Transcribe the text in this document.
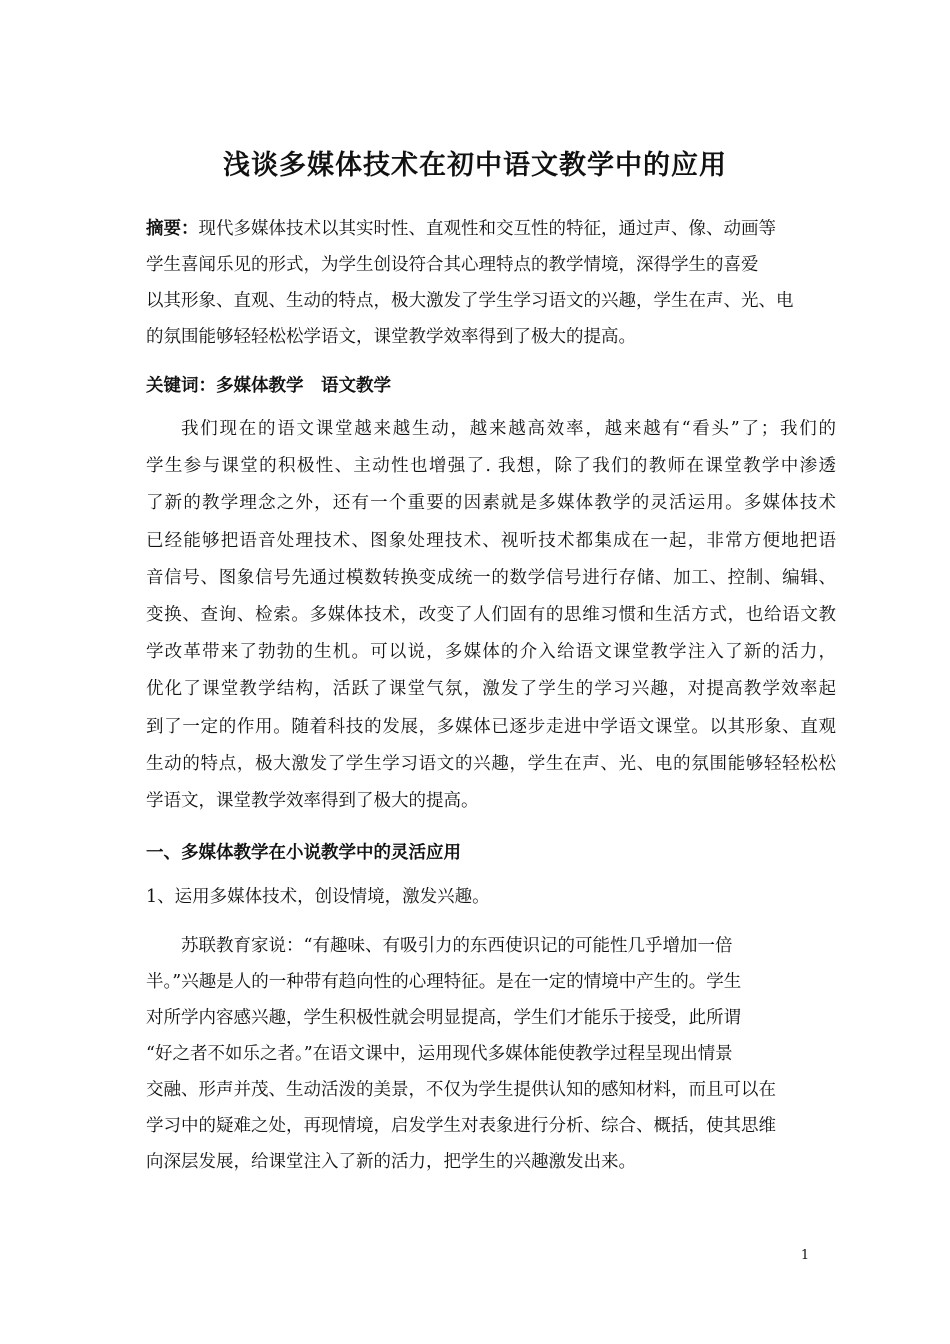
浅谈多媒体技术在初中语文教学中的应用

摘要：现代多媒体技术以其实时性、直观性和交互性的特征，通过声、像、动画等

学生喜闻乐见的形式，为学生创设符合其心理特点的教学情境，深得学生的喜爱

以其形象、直观、生动的特点，极大激发了学生学习语文的兴趣，学生在声、光、电

的氛围能够轻轻松松学语文，课堂教学效率得到了极大的提高。

关键词：多媒体教学　语文教学

我们现在的语文课堂越来越生动，越来越高效率，越来越有“看头”了；我们的

学生参与课堂的积极性、主动性也增强了. 我想，除了我们的教师在课堂教学中渗透

了新的教学理念之外，还有一个重要的因素就是多媒体教学的灵活运用。多媒体技术

已经能够把语音处理技术、图象处理技术、视听技术都集成在一起，非常方便地把语

音信号、图象信号先通过模数转换变成统一的数学信号进行存储、加工、控制、编辑、

变换、查询、检索。多媒体技术，改变了人们固有的思维习惯和生活方式，也给语文教

学改革带来了勃勃的生机。可以说，多媒体的介入给语文课堂教学注入了新的活力，

优化了课堂教学结构，活跃了课堂气氛，激发了学生的学习兴趣，对提高教学效率起

到了一定的作用。随着科技的发展，多媒体已逐步走进中学语文课堂。以其形象、直观

生动的特点，极大激发了学生学习语文的兴趣，学生在声、光、电的氛围能够轻轻松松

学语文，课堂教学效率得到了极大的提高。

一、多媒体教学在小说教学中的灵活应用
1、运用多媒体技术，创设情境，激发兴趣。

苏联教育家说：“有趣味、有吸引力的东西使识记的可能性几乎增加一倍

半。”兴趣是人的一种带有趋向性的心理特征。是在一定的情境中产生的。学生

对所学内容感兴趣，学生积极性就会明显提高，学生们才能乐于接受，此所谓

“好之者不如乐之者。”在语文课中，运用现代多媒体能使教学过程呈现出情景

交融、形声并茂、生动活泼的美景，不仅为学生提供认知的感知材料，而且可以在

学习中的疑难之处，再现情境，启发学生对表象进行分析、综合、概括，使其思维

向深层发展，给课堂注入了新的活力，把学生的兴趣激发出来。

1
